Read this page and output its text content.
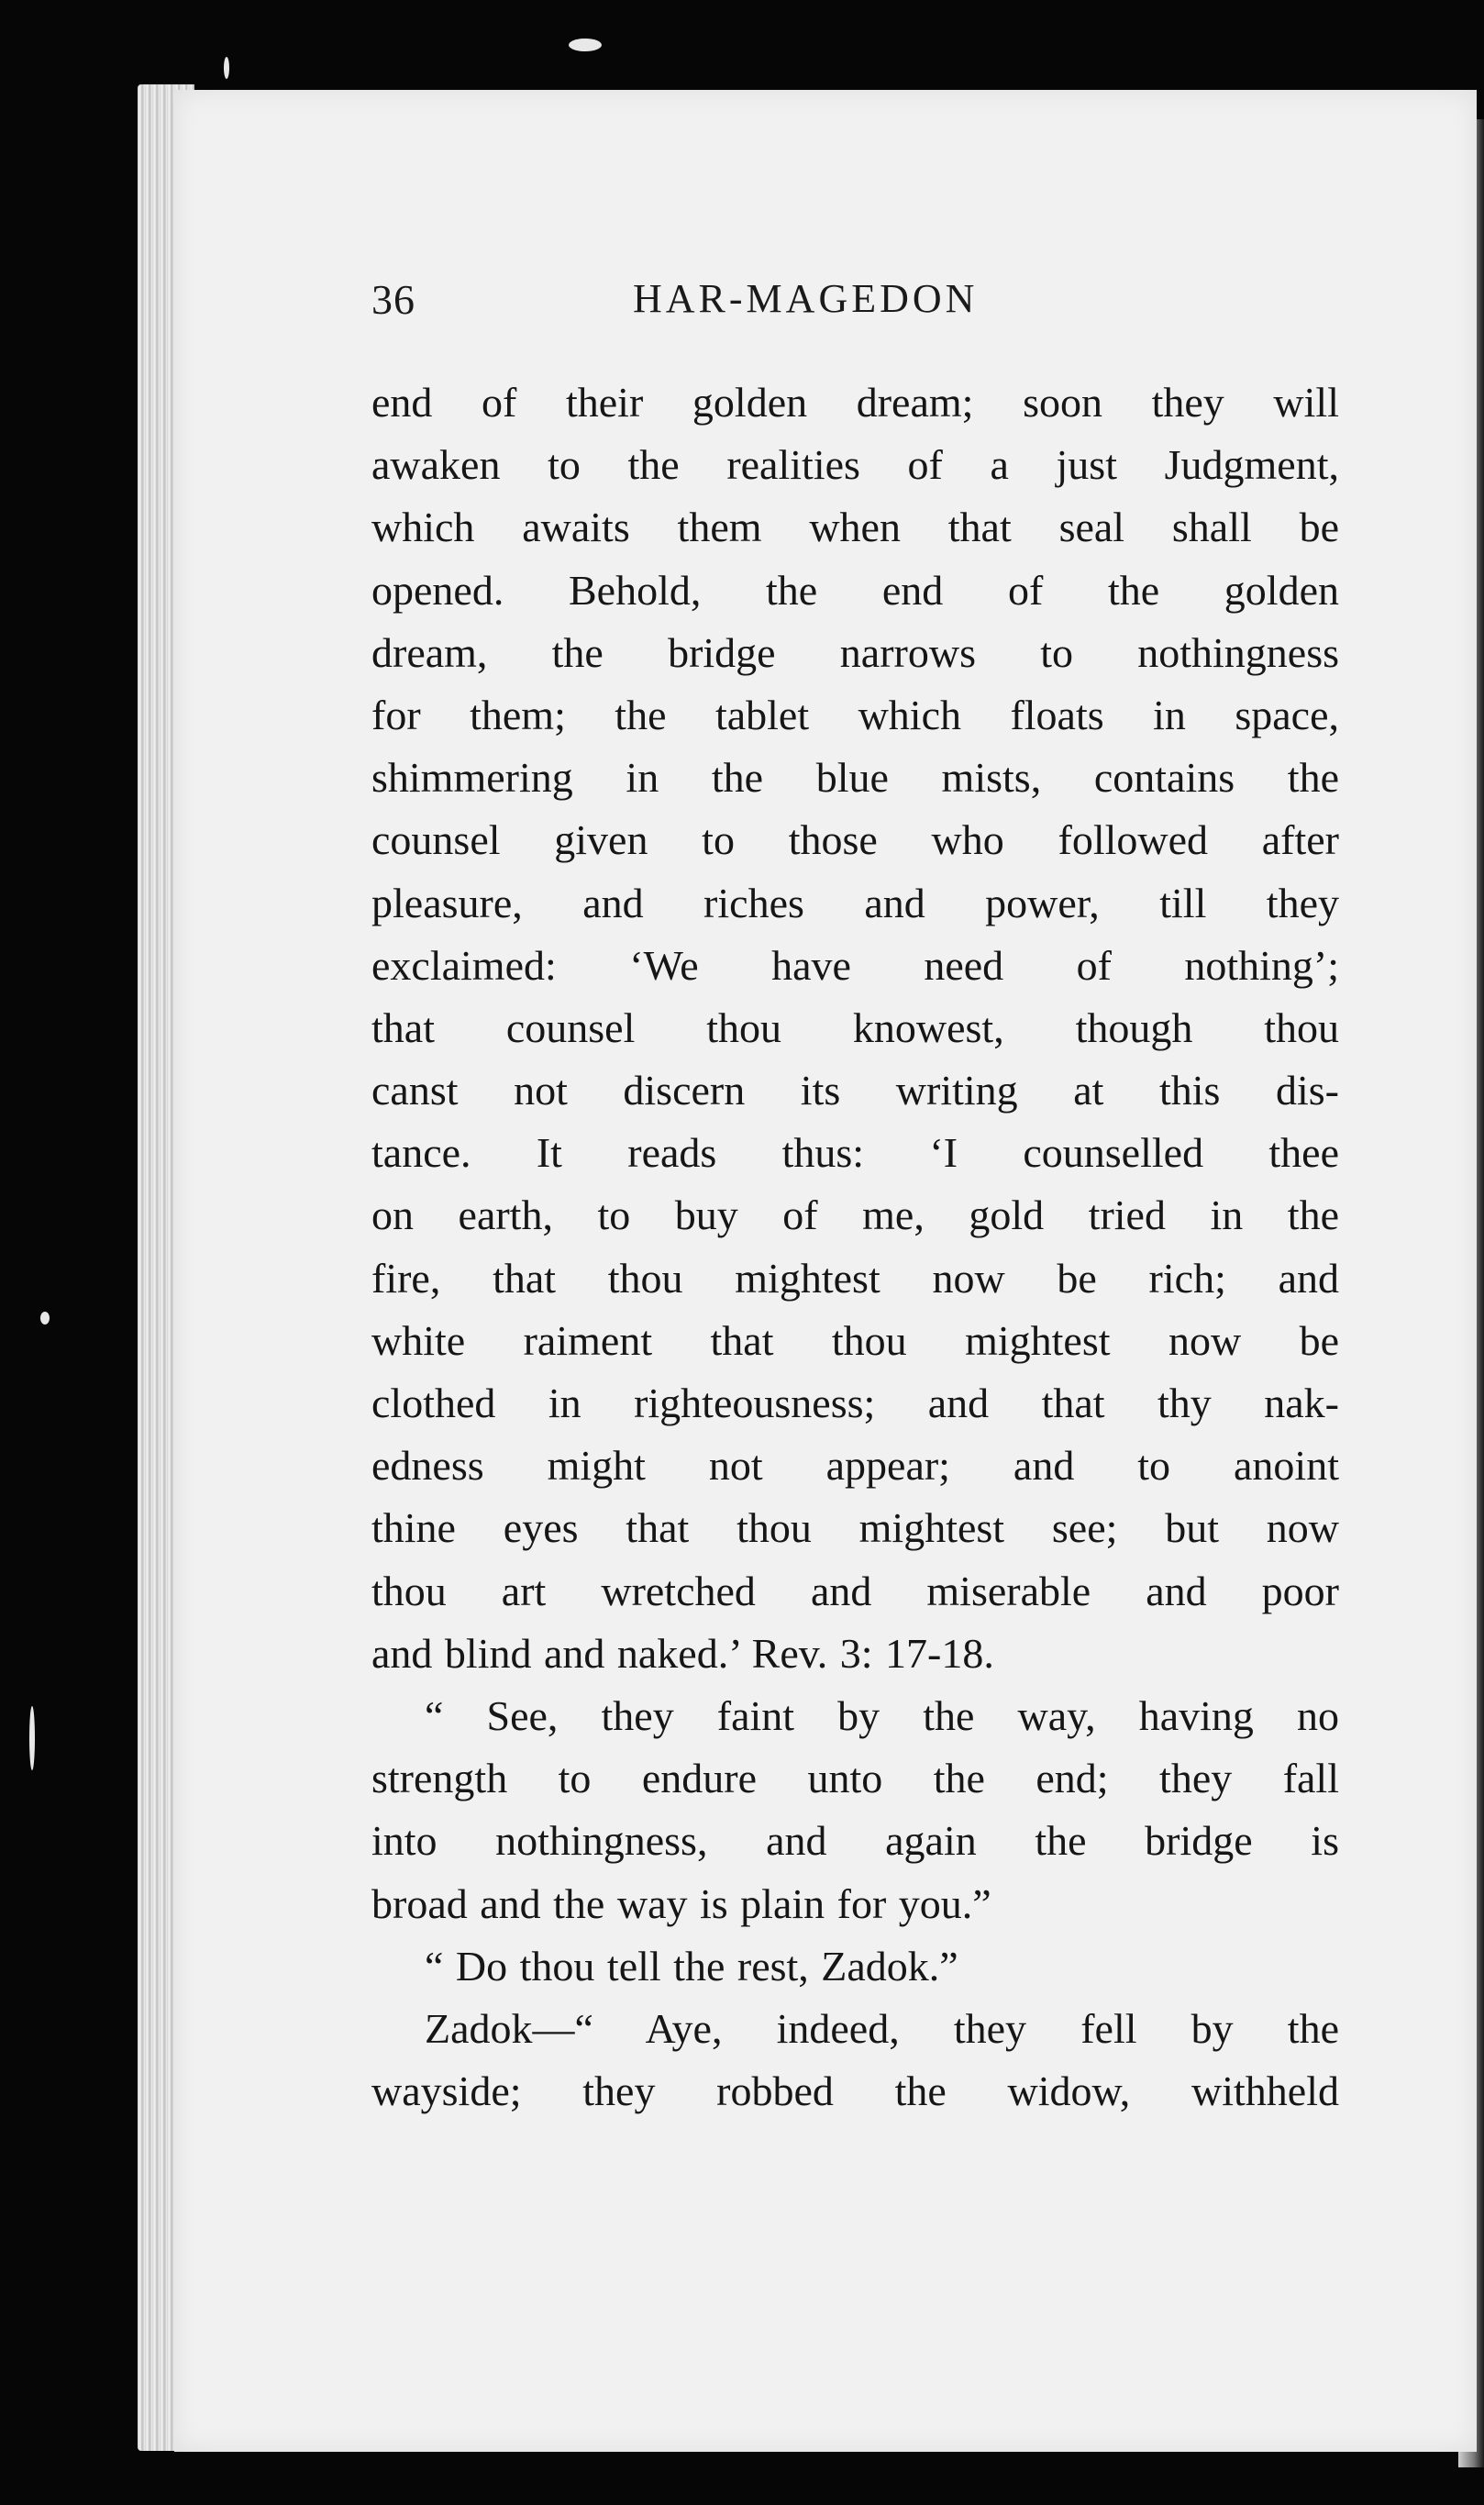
36	HAR-MAGEDON
end of their golden dream; soon they will
awaken to the realities of a just Judgment,
which awaits them when that seal shall be
opened. Behold, the end of the golden
dream, the bridge narrows to nothingness
for them; the tablet which floats in space,
shimmering in the blue mists, contains the
counsel given to those who followed after
pleasure, and riches and power, till they
exclaimed: ‘We have need of nothing’;
that counsel thou knowest, though thou
canst not discern its writing at this dis-
tance. It reads thus: ‘I counselled thee
on earth, to buy of me, gold tried in the
fire, that thou mightest now be rich; and
white raiment that thou mightest now be
clothed in righteousness; and that thy nak-
edness might not appear; and to anoint
thine eyes that thou mightest see; but now
thou art wretched and miserable and poor
and blind and naked.’ Rev. 3: 17-18.
“ See, they faint by the way, having no
strength to endure unto the end; they fall
into nothingness, and again the bridge is
broad and the way is plain for you.”
“ Do thou tell the rest, Zadok.”
Zadok—“ Aye, indeed, they fell by the
wayside; they robbed the widow, withheld
